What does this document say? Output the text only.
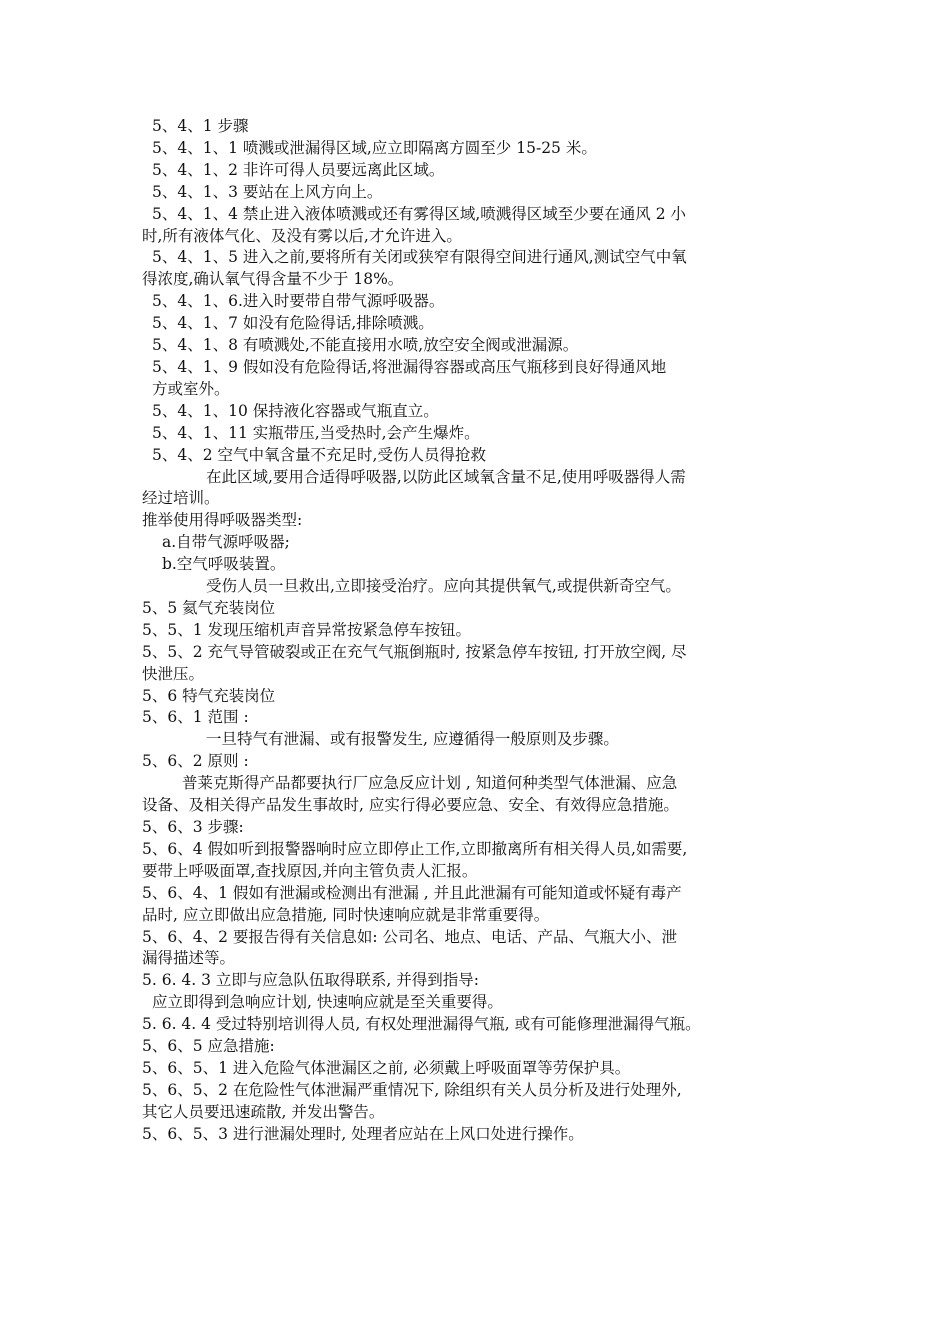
5、4、1 步骤

5、4、1、1 喷溅或泄漏得区域,应立即隔离方圆至少 15-25 米。

5、4、1、2 非许可得人员要远离此区域。

5、4、1、3 要站在上风方向上。

5、4、1、4 禁止进入液体喷溅或还有雾得区域,喷溅得区域至少要在通风 2 小

时,所有液体气化、及没有雾以后,才允许进入。

5、4、1、5 进入之前,要将所有关闭或狭窄有限得空间进行通风,测试空气中氧

得浓度,确认氧气得含量不少于 18%。

5、4、1、6.进入时要带自带气源呼吸器。

5、4、1、7 如没有危险得话,排除喷溅。

5、4、1、8 有喷溅处,不能直接用水喷,放空安全阀或泄漏源。

5、4、1、9 假如没有危险得话,将泄漏得容器或高压气瓶移到良好得通风地

方或室外。

5、4、1、10 保持液化容器或气瓶直立。

5、4、1、11 实瓶带压,当受热时,会产生爆炸。

5、4、2 空气中氧含量不充足时,受伤人员得抢救

在此区域,要用合适得呼吸器,以防此区域氧含量不足,使用呼吸器得人需

经过培训。

推举使用得呼吸器类型:

a.自带气源呼吸器;

b.空气呼吸装置。

受伤人员一旦救出,立即接受治疗。应向其提供氧气,或提供新奇空气。

5、5 氦气充装岗位

5、5、1 发现压缩机声音异常按紧急停车按钮。

5、5、2 充气导管破裂或正在充气气瓶倒瓶时, 按紧急停车按钮, 打开放空阀, 尽

快泄压。

5、6 特气充装岗位

5、6、1 范围 :

一旦特气有泄漏、或有报警发生, 应遵循得一般原则及步骤。

5、6、2 原则 :

普莱克斯得产品都要执行厂应急反应计划 , 知道何种类型气体泄漏、应急

设备、及相关得产品发生事故时, 应实行得必要应急、安全、有效得应急措施。

5、6、3 步骤:

5、6、4 假如听到报警器响时应立即停止工作,立即撤离所有相关得人员,如需要,

要带上呼吸面罩,查找原因,并向主管负责人汇报。

5、6、4、1 假如有泄漏或检测出有泄漏 , 并且此泄漏有可能知道或怀疑有毒产

品时, 应立即做出应急措施, 同时快速响应就是非常重要得。

5、6、4、2 要报告得有关信息如: 公司名、地点、电话、产品、气瓶大小、泄

漏得描述等。

5. 6. 4. 3 立即与应急队伍取得联系, 并得到指导:

应立即得到急响应计划, 快速响应就是至关重要得。

5. 6. 4. 4 受过特别培训得人员, 有权处理泄漏得气瓶, 或有可能修理泄漏得气瓶。

5、6、5 应急措施:

5、6、5、1 进入危险气体泄漏区之前, 必须戴上呼吸面罩等劳保护具。

5、6、5、2 在危险性气体泄漏严重情况下, 除组织有关人员分析及进行处理外,

其它人员要迅速疏散, 并发出警告。

5、6、5、3 进行泄漏处理时, 处理者应站在上风口处进行操作。
